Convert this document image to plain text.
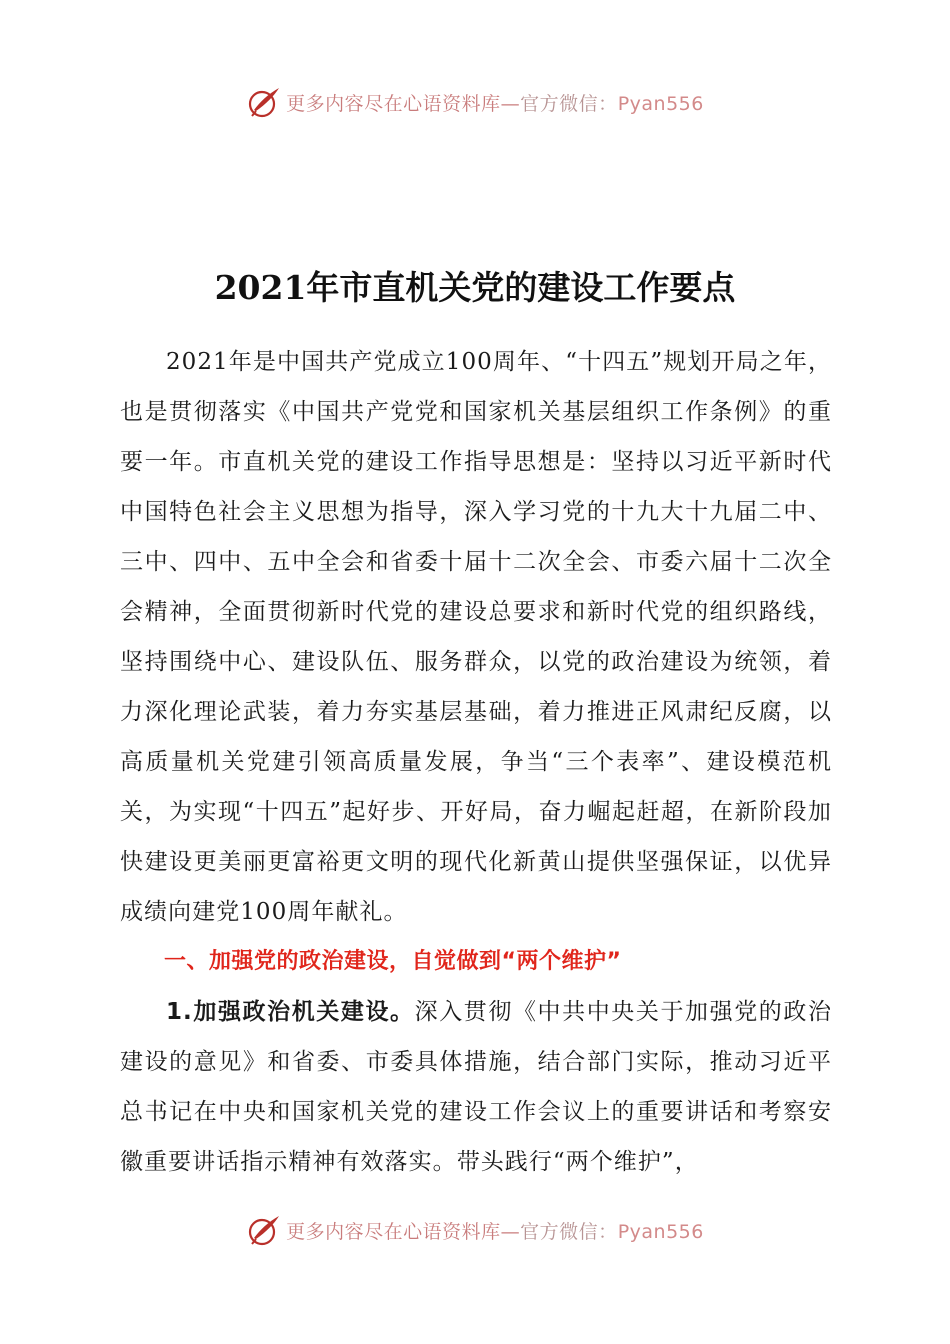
更多内容尽在心语资料库—官方微信：Pyan556
2021年市直机关党的建设工作要点

2021年是中国共产党成立100周年、“十四五”规划开局之年，也是贯彻落实《中国共产党党和国家机关基层组织工作条例》的重要一年。市直机关党的建设工作指导思想是：坚持以习近平新时代中国特色社会主义思想为指导，深入学习党的十九大十九届二中、三中、四中、五中全会和省委十届十二次全会、市委六届十二次全会精神，全面贯彻新时代党的建设总要求和新时代党的组织路线，坚持围绕中心、建设队伍、服务群众，以党的政治建设为统领，着力深化理论武装，着力夯实基层基础，着力推进正风肃纪反腐，以高质量机关党建引领高质量发展，争当“三个表率”、建设模范机关，为实现“十四五”起好步、开好局，奋力崛起赶超，在新阶段加快建设更美丽更富裕更文明的现代化新黄山提供坚强保证，以优异成绩向建党100周年献礼。

一、加强党的政治建设，自觉做到“两个维护”

1.加强政治机关建设。深入贯彻《中共中央关于加强党的政治建设的意见》和省委、市委具体措施，结合部门实际，推动习近平总书记在中央和国家机关党的建设工作会议上的重要讲话和考察安徽重要讲话指示精神有效落实。带头践行“两个维护”，

更多内容尽在心语资料库—官方微信：Pyan556
